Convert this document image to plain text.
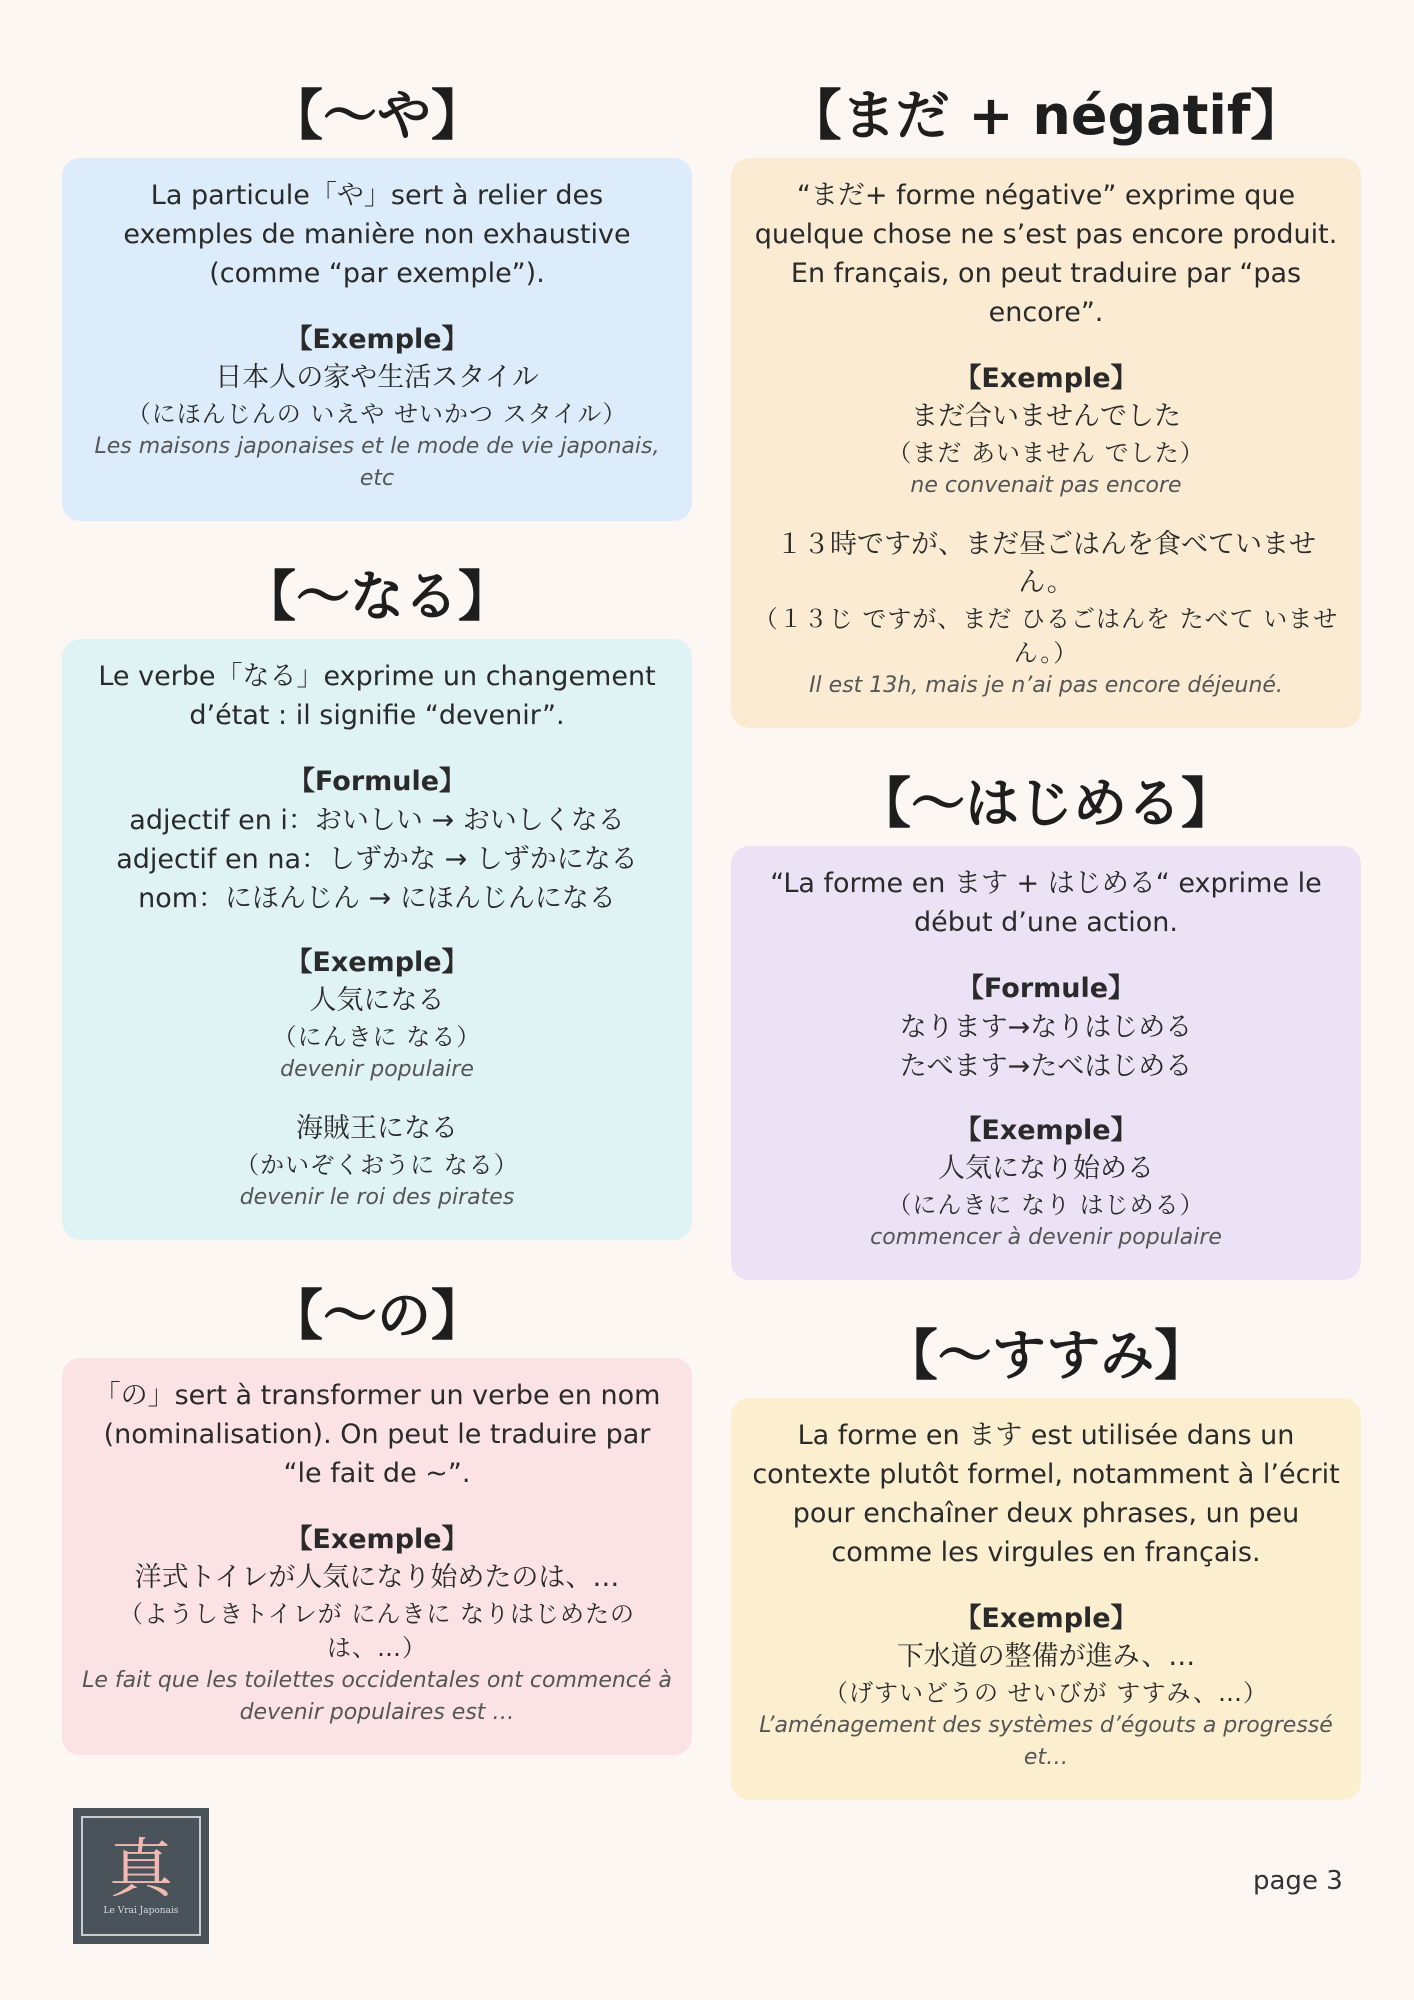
【〜や】

La particule「や」sert à relier des exemples de manière non exhaustive (comme “par exemple”).

【Exemple】

日本人の家や生活スタイル

（にほんじんの いえや せいかつ スタイル）

Les maisons japonaises et le mode de vie japonais, etc

【〜なる】

Le verbe「なる」exprime un changement d’état : il signifie “devenir”.

【Formule】

adjectif en i：おいしい → おいしくなる

adjectif en na：しずかな → しずかになる

nom：にほんじん → にほんじんになる

【Exemple】

人気になる

（にんきに なる）

devenir populaire

海賊王になる

（かいぞくおうに なる）

devenir le roi des pirates

【〜の】

「の」sert à transformer un verbe en nom (nominalisation). On peut le traduire par “le fait de ~”.

【Exemple】

洋式トイレが人気になり始めたのは、…

（ようしきトイレが にんきに なりはじめたのは、…）

Le fait que les toilettes occidentales ont commencé à devenir populaires est …

【まだ + négatif】

“まだ+ forme négative” exprime que quelque chose ne s’est pas encore produit. En français, on peut traduire par “pas encore”.

【Exemple】

まだ合いませんでした

（まだ あいません でした）

ne convenait pas encore

１３時ですが、まだ昼ごはんを食べていません。

（１３じ ですが、まだ ひるごはんを たべて いません。）

Il est 13h, mais je n’ai pas encore déjeuné.

【〜はじめる】

“La forme en ます + はじめる“ exprime le début d’une action.

【Formule】

なります→なりはじめる

たべます→たべはじめる

【Exemple】

人気になり始める

（にんきに なり はじめる）

commencer à devenir populaire

【〜すすみ】

La forme en ます est utilisée dans un contexte plutôt formel, notamment à l’écrit pour enchaîner deux phrases, un peu comme les virgules en français.

【Exemple】

下水道の整備が進み、…

（げすいどうの せいびが すすみ、…）

L’aménagement des systèmes d’égouts a progressé et…

真
Le Vrai Japonais
page 3
